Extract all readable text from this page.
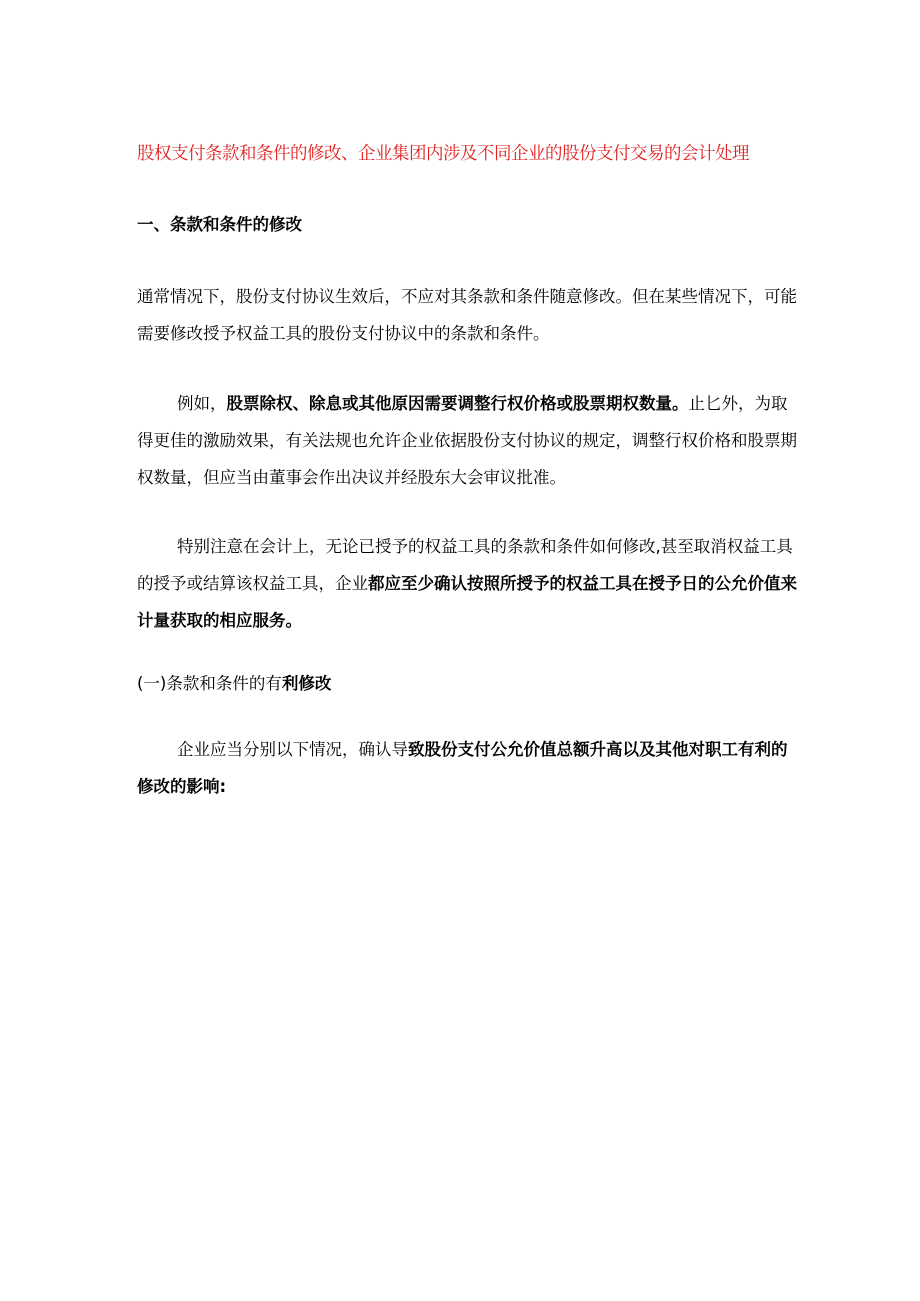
股权支付条款和条件的修改、企业集团内涉及不同企业的股份支付交易的会计处理
一、条款和条件的修改

通常情况下，股份支付协议生效后，不应对其条款和条件随意修改。但在某些情况下，可能需要修改授予权益工具的股份支付协议中的条款和条件。

例如，股票除权、除息或其他原因需要调整行权价格或股票期权数量。止匕外，为取得更佳的激励效果，有关法规也允许企业依据股份支付协议的规定，调整行权价格和股票期权数量，但应当由董事会作出决议并经股东大会审议批准。

特别注意在会计上，无论已授予的权益工具的条款和条件如何修改,甚至取消权益工具的授予或结算该权益工具，企业都应至少确认按照所授予的权益工具在授予日的公允价值来计量获取的相应服务。

(一)条款和条件的有利修改

企业应当分别以下情况，确认导致股份支付公允价值总额升高以及其他对职工有利的修改的影响:
